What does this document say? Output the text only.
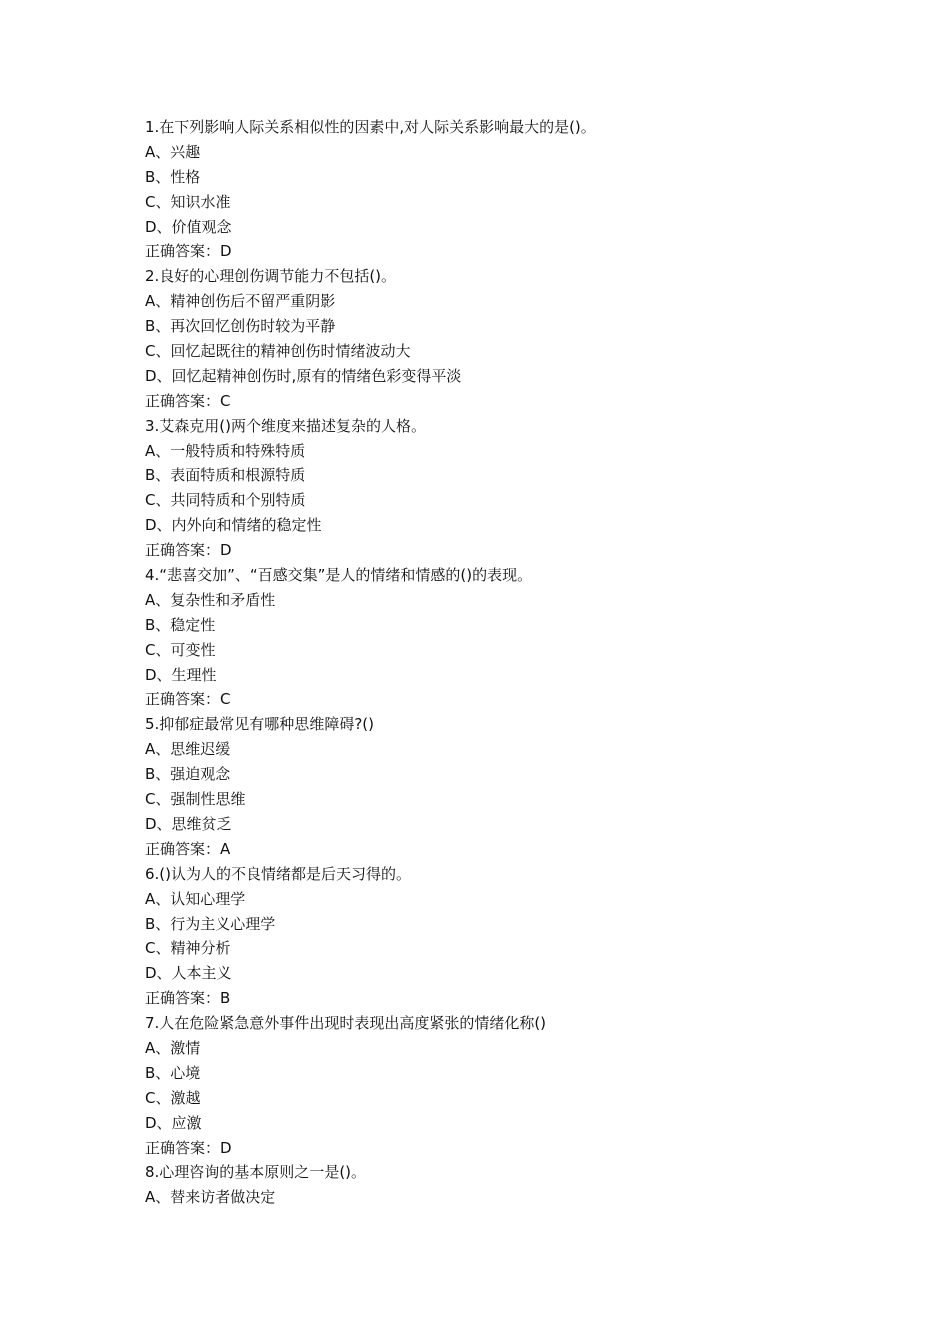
1.在下列影响人际关系相似性的因素中,对人际关系影响最大的是()。
A、兴趣
B、性格
C、知识水准
D、价值观念
正确答案：D
2.良好的心理创伤调节能力不包括()。
A、精神创伤后不留严重阴影
B、再次回忆创伤时较为平静
C、回忆起既往的精神创伤时情绪波动大
D、回忆起精神创伤时,原有的情绪色彩变得平淡
正确答案：C
3.艾森克用()两个维度来描述复杂的人格。
A、一般特质和特殊特质
B、表面特质和根源特质
C、共同特质和个别特质
D、内外向和情绪的稳定性
正确答案：D
4.“悲喜交加”、“百感交集”是人的情绪和情感的()的表现。
A、复杂性和矛盾性
B、稳定性
C、可变性
D、生理性
正确答案：C
5.抑郁症最常见有哪种思维障碍?()
A、思维迟缓
B、强迫观念
C、强制性思维
D、思维贫乏
正确答案：A
6.()认为人的不良情绪都是后天习得的。
A、认知心理学
B、行为主义心理学
C、精神分析
D、人本主义
正确答案：B
7.人在危险紧急意外事件出现时表现出高度紧张的情绪化称()
A、激情
B、心境
C、激越
D、应激
正确答案：D
8.心理咨询的基本原则之一是()。
A、替来访者做决定
